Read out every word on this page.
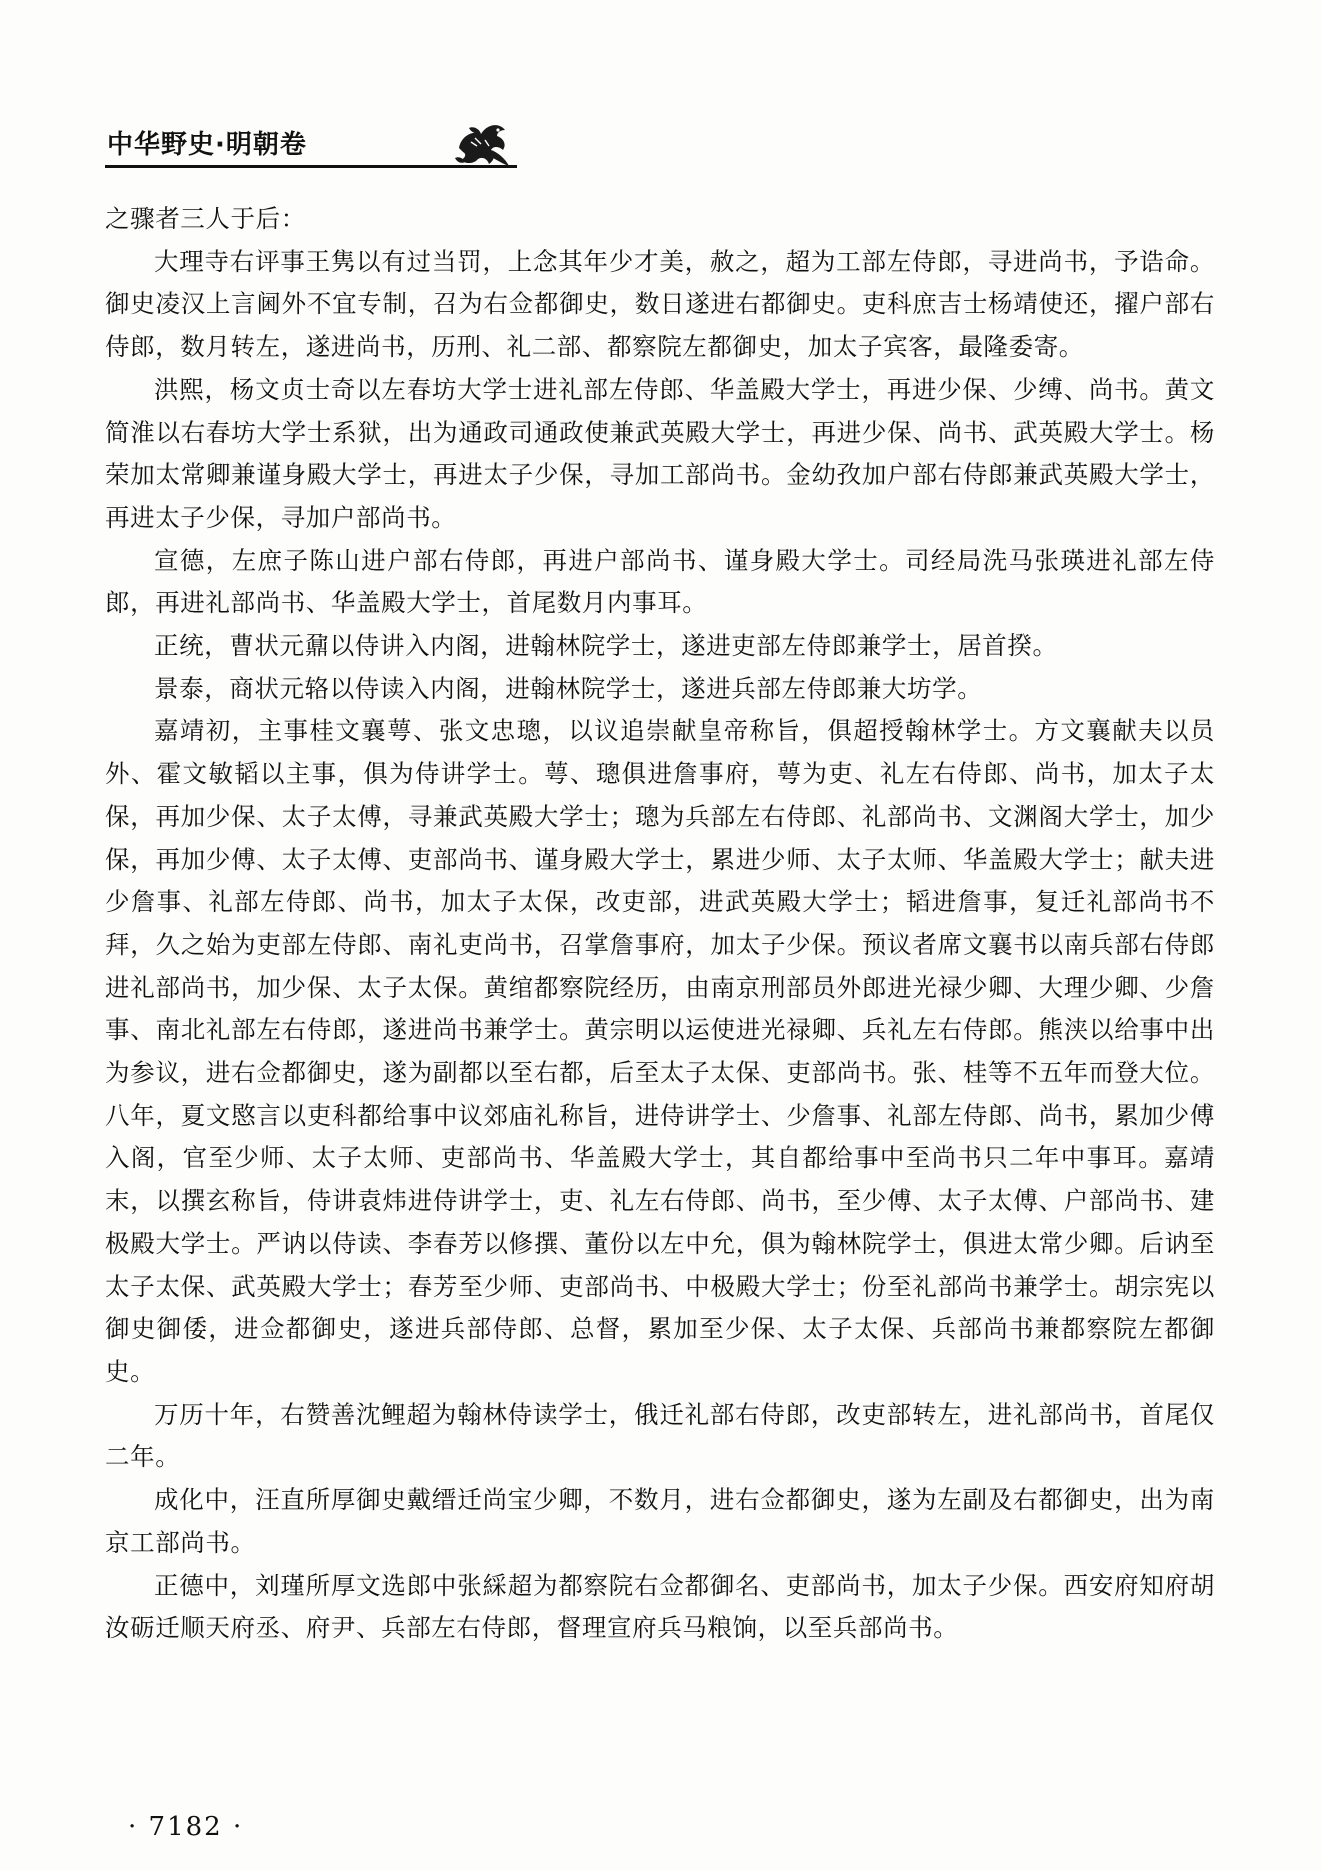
中华野史·明朝卷

之骤者三人于后：

大理寺右评事王隽以有过当罚，上念其年少才美，赦之，超为工部左侍郎，寻进尚书，予诰命。御史凌汉上言阃外不宜专制，召为右佥都御史，数日遂进右都御史。吏科庶吉士杨靖使还，擢户部右侍郎，数月转左，遂进尚书，历刑、礼二部、都察院左都御史，加太子宾客，最隆委寄。

洪熙，杨文贞士奇以左春坊大学士进礼部左侍郎、华盖殿大学士，再进少保、少缚、尚书。黄文简淮以右春坊大学士系狱，出为通政司通政使兼武英殿大学士，再进少保、尚书、武英殿大学士。杨荣加太常卿兼谨身殿大学士，再进太子少保，寻加工部尚书。金幼孜加户部右侍郎兼武英殿大学士，再进太子少保，寻加户部尚书。

宣德，左庶子陈山进户部右侍郎，再进户部尚书、谨身殿大学士。司经局洗马张瑛进礼部左侍郎，再进礼部尚书、华盖殿大学士，首尾数月内事耳。

正统，曹状元鼐以侍讲入内阁，进翰林院学士，遂进吏部左侍郎兼学士，居首揆。

景泰，商状元辂以侍读入内阁，进翰林院学士，遂进兵部左侍郎兼大坊学。

嘉靖初，主事桂文襄萼、张文忠璁，以议追崇献皇帝称旨，俱超授翰林学士。方文襄献夫以员外、霍文敏韬以主事，俱为侍讲学士。萼、璁俱进詹事府，萼为吏、礼左右侍郎、尚书，加太子太保，再加少保、太子太傅，寻兼武英殿大学士；璁为兵部左右侍郎、礼部尚书、文渊阁大学士，加少保，再加少傅、太子太傅、吏部尚书、谨身殿大学士，累进少师、太子太师、华盖殿大学士；献夫进少詹事、礼部左侍郎、尚书，加太子太保，改吏部，进武英殿大学士；韬进詹事，复迁礼部尚书不拜，久之始为吏部左侍郎、南礼吏尚书，召掌詹事府，加太子少保。预议者席文襄书以南兵部右侍郎进礼部尚书，加少保、太子太保。黄绾都察院经历，由南京刑部员外郎进光禄少卿、大理少卿、少詹事、南北礼部左右侍郎，遂进尚书兼学士。黄宗明以运使进光禄卿、兵礼左右侍郎。熊浃以给事中出为参议，进右佥都御史，遂为副都以至右都，后至太子太保、吏部尚书。张、桂等不五年而登大位。八年，夏文愍言以吏科都给事中议郊庙礼称旨，进侍讲学士、少詹事、礼部左侍郎、尚书，累加少傅入阁，官至少师、太子太师、吏部尚书、华盖殿大学士，其自都给事中至尚书只二年中事耳。嘉靖末，以撰玄称旨，侍讲袁炜进侍讲学士，吏、礼左右侍郎、尚书，至少傅、太子太傅、户部尚书、建极殿大学士。严讷以侍读、李春芳以修撰、董份以左中允，俱为翰林院学士，俱进太常少卿。后讷至太子太保、武英殿大学士；春芳至少师、吏部尚书、中极殿大学士；份至礼部尚书兼学士。胡宗宪以御史御倭，进佥都御史，遂进兵部侍郎、总督，累加至少保、太子太保、兵部尚书兼都察院左都御史。

万历十年，右赞善沈鲤超为翰林侍读学士，俄迁礼部右侍郎，改吏部转左，进礼部尚书，首尾仅二年。

成化中，汪直所厚御史戴缙迁尚宝少卿，不数月，进右佥都御史，遂为左副及右都御史，出为南京工部尚书。

正德中，刘瑾所厚文选郎中张綵超为都察院右佥都御名、吏部尚书，加太子少保。西安府知府胡汝砺迁顺天府丞、府尹、兵部左右侍郎，督理宣府兵马粮饷，以至兵部尚书。

· 7182 ·
